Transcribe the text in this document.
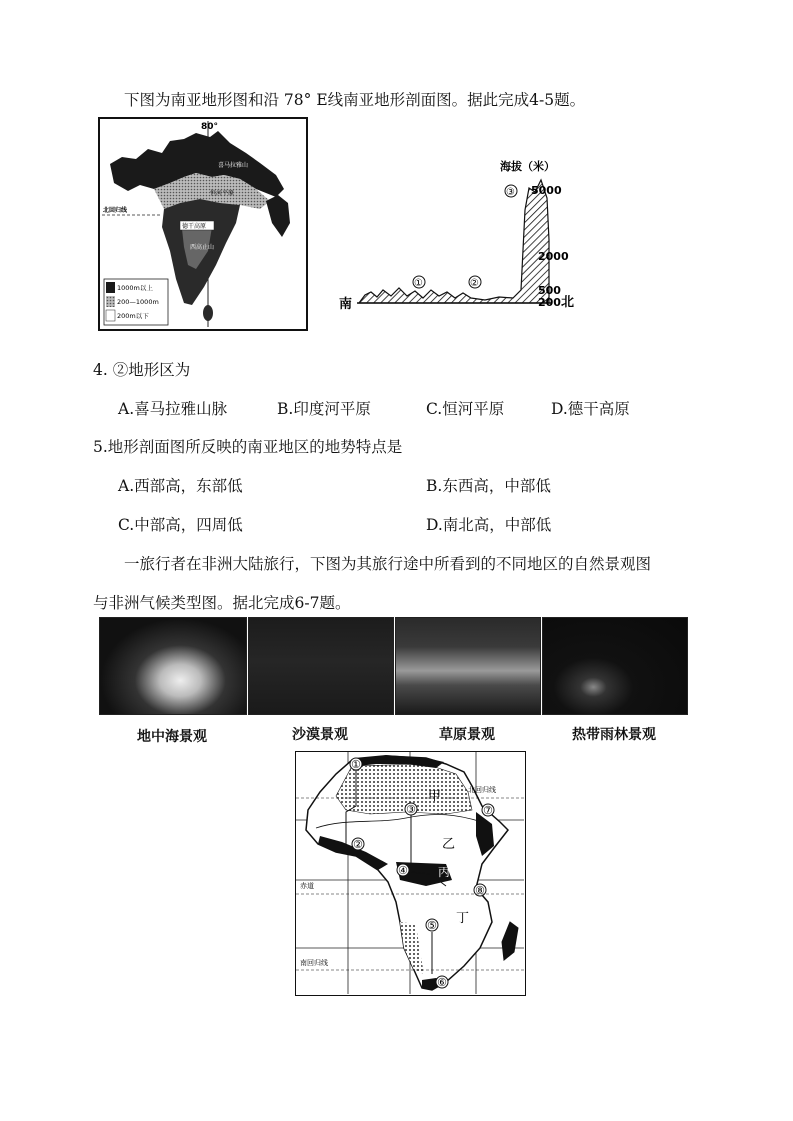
下图为南亚地形图和沿 78° E线南亚地形剖面图。据此完成4-5题。
80°
喜马拉雅山
恒河平原
北回归线
德干高原
西高止山
1000m以上
200—1000m
200m以下
海拔（米）
①	②
③ 5000
2000
500
200
南	北
4. ②地形区为
A.喜马拉雅山脉	B.印度河平原	C.恒河平原	D.德干高原
5.地形剖面图所反映的南亚地区的地势特点是
A.西部高，东部低	B.东西高，中部低
C.中部高，四周低	D.南北高，中部低
一旅行者在非洲大陆旅行，下图为其旅行途中所看到的不同地区的自然景观图
与非洲气候类型图。据北完成6-7题。
地中海景观	沙漠景观	草原景观	热带雨林景观
①
②
③
④
⑤
⑥
⑦
⑧
甲
乙
丙
丁
北回归线
赤道
南回归线
